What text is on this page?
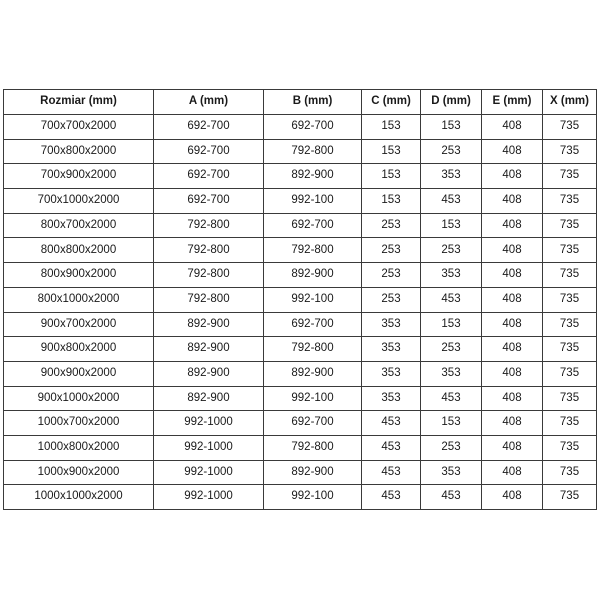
Rozmiar (mm)	A (mm)	B (mm)	C (mm)	D (mm)	E (mm)	X (mm)
700x700x2000	692-700	692-700	153	153	408	735
700x800x2000	692-700	792-800	153	253	408	735
700x900x2000	692-700	892-900	153	353	408	735
700x1000x2000	692-700	992-100	153	453	408	735
800x700x2000	792-800	692-700	253	153	408	735
800x800x2000	792-800	792-800	253	253	408	735
800x900x2000	792-800	892-900	253	353	408	735
800x1000x2000	792-800	992-100	253	453	408	735
900x700x2000	892-900	692-700	353	153	408	735
900x800x2000	892-900	792-800	353	253	408	735
900x900x2000	892-900	892-900	353	353	408	735
900x1000x2000	892-900	992-100	353	453	408	735
1000x700x2000	992-1000	692-700	453	153	408	735
1000x800x2000	992-1000	792-800	453	253	408	735
1000x900x2000	992-1000	892-900	453	353	408	735
1000x1000x2000	992-1000	992-100	453	453	408	735
